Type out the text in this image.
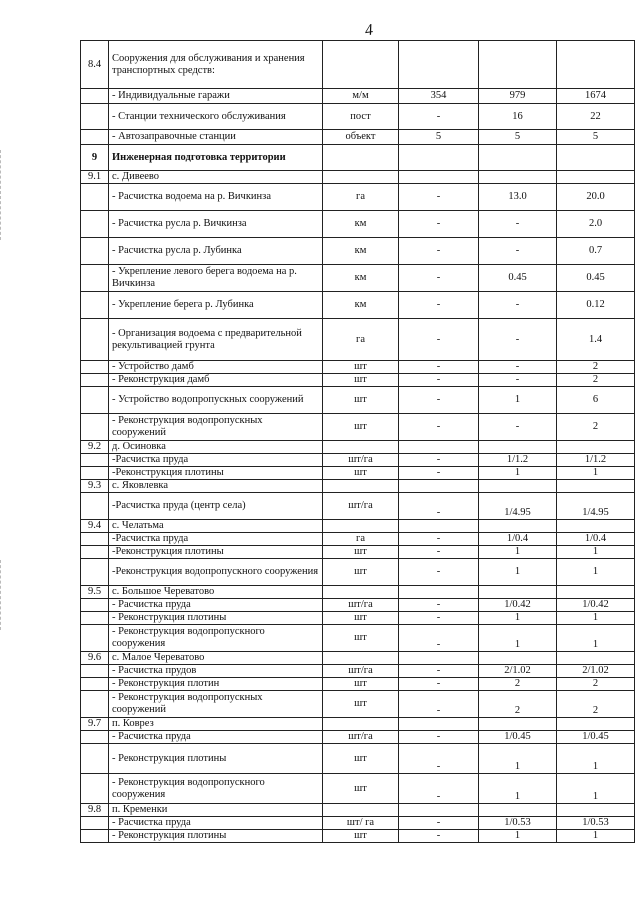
4
8.4	Сооружения для обслуживания и хранения транспортных средств:				
	- Индивидуальные гаражи	м/м	354	979	1674
	- Станции технического обслуживания	пост	-	16	22
	- Автозаправочные станции	объект	5	5	5
9	Инженерная подготовка территории				
9.1	с. Дивеево				
	- Расчистка водоема на р. Вичкинза	га	-	13.0	20.0
	- Расчистка русла р. Вичкинза	км	-	-	2.0
	- Расчистка русла р. Лубинка	км	-	-	0.7
	- Укрепление левого берега водоема на р. Вичкинза	км	-	0.45	0.45
	- Укрепление берега р. Лубинка	км	-	-	0.12
	- Организация водоема с предварительной рекультивацией грунта	га	-	-	1.4
	- Устройство дамб	шт	-	-	2
	- Реконструкция дамб	шт	-	-	2
	- Устройство водопропускных сооружений	шт	-	1	6
	- Реконструкция водопропускных сооружений	шт	-	-	2
9.2	д. Осиновка				
	-Расчистка пруда	шт/га	-	1/1.2	1/1.2
	-Реконструкция плотины	шт	-	1	1
9.3	с. Яковлевка				
	-Расчистка пруда (центр села)	шт/га	-	1/4.95	1/4.95
9.4	с. Челатьма				
	-Расчистка пруда	га	-	1/0.4	1/0.4
	-Реконструкция плотины	шт	-	1	1
	-Реконструкция водопропускного сооружения	шт	-	1	1
9.5	с. Большое Череватово				
	- Расчистка пруда	шт/га	-	1/0.42	1/0.42
	- Реконструкция плотины	шт	-	1	1
	- Реконструкция водопропускного сооружения	шт	-	1	1
9.6	с. Малое Череватово				
	- Расчистка прудов	шт/га	-	2/1.02	2/1.02
	- Реконструкция плотин	шт	-	2	2
	- Реконструкция водопропускных сооружений	шт	-	2	2
9.7	п. Коврез				
	- Расчистка пруда	шт/га	-	1/0.45	1/0.45
	- Реконструкция плотины	шт	-	1	1
	- Реконструкция водопропускного сооружения	шт	-	1	1
9.8	п. Кременки				
	- Расчистка пруда	шт/ га	-	1/0.53	1/0.53
	- Реконструкция плотины	шт	-	1	1
